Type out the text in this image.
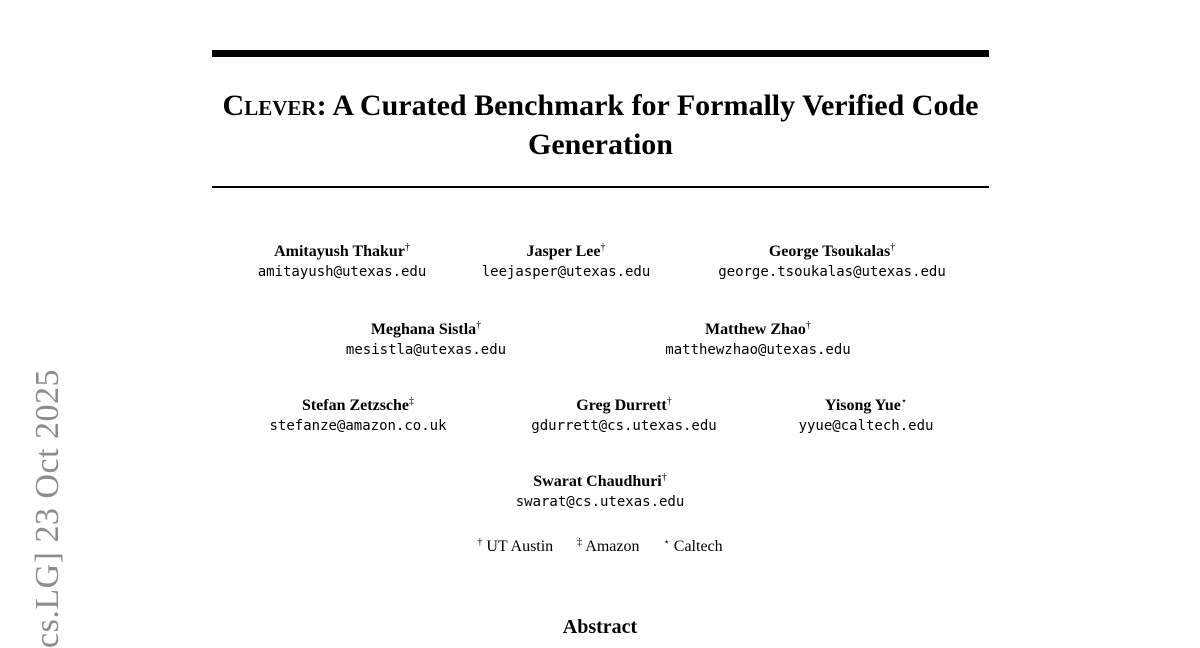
Clever: A Curated Benchmark for Formally Verified Code Generation
Amitayush Thakur†
amitayush@utexas.edu
Jasper Lee†
leejasper@utexas.edu
George Tsoukalas†
george.tsoukalas@utexas.edu
Meghana Sistla†
mesistla@utexas.edu
Matthew Zhao†
matthewzhao@utexas.edu
Stefan Zetzsche‡
stefanze@amazon.co.uk
Greg Durrett†
gdurrett@cs.utexas.edu
Yisong Yue⋆
yyue@caltech.edu
Swarat Chaudhuri†
swarat@cs.utexas.edu
† UT Austin ‡ Amazon ⋆ Caltech
Abstract
cs.LG] 23 Oct 2025
